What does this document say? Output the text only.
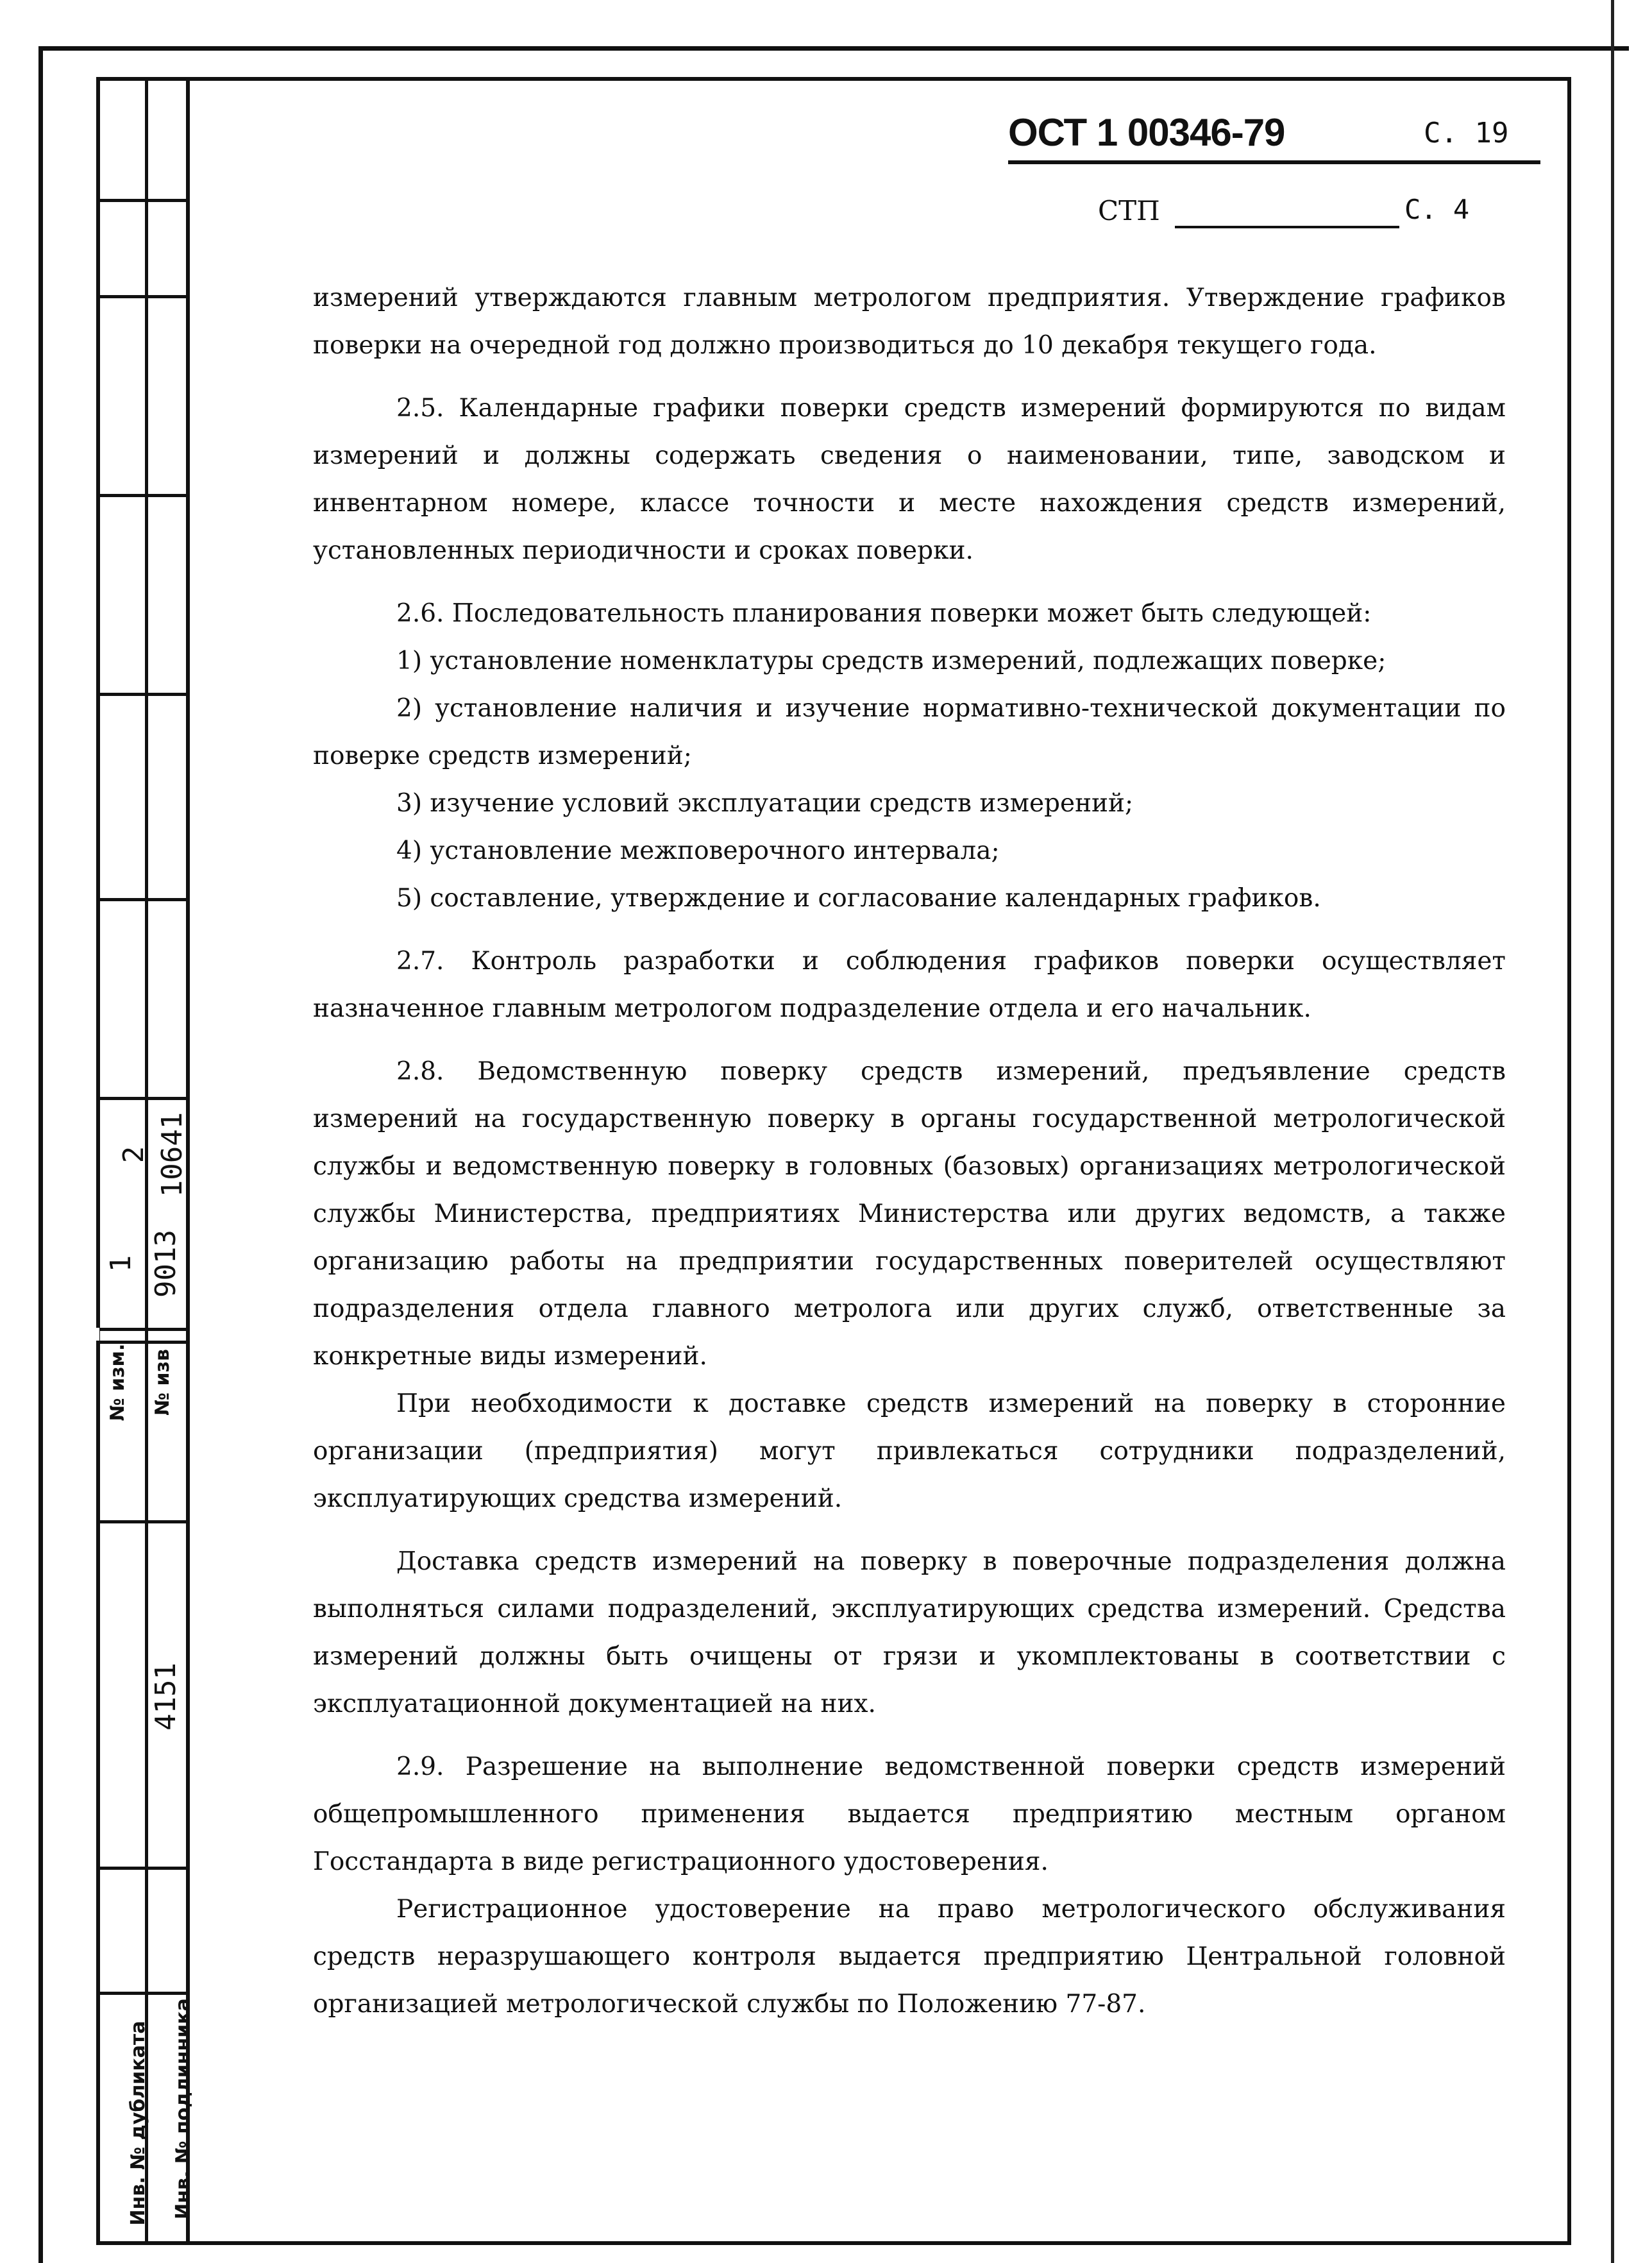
№ изм. № изв
1 9013
2 10641
4151
Инв. № дубликата Инв. № подлинника
ОСТ 1 00346-79	С. 19
СТП	С. 4

измерений утверждаются главным метрологом предприятия. Утверждение графиков поверки на очередной год должно производиться до 10 декабря текущего года.

2.5. Календарные графики поверки средств измерений формируются по видам измерений и должны содержать сведения о наименовании, типе, заводском и инвентарном номере, классе точности и месте нахождения средств измерений, установленных периодичности и сроках поверки.

2.6. Последовательность планирования поверки может быть следующей:

1) установление номенклатуры средств измерений, подлежащих поверке;

2) установление наличия и изучение нормативно-технической документации по поверке средств измерений;

3) изучение условий эксплуатации средств измерений;

4) установление межповерочного интервала;

5) составление, утверждение и согласование календарных графиков.

2.7. Контроль разработки и соблюдения графиков поверки осуществляет назначенное главным метрологом подразделение отдела и его начальник.

2.8. Ведомственную поверку средств измерений, предъявление средств измерений на государственную поверку в органы государственной метрологической службы и ведомственную поверку в головных (базовых) организациях метрологической службы Министерства, предприятиях Министерства или других ведомств, а также организацию работы на предприятии государственных поверителей осуществляют подразделения отдела главного метролога или других служб, ответственные за конкретные виды измерений.

При необходимости к доставке средств измерений на поверку в сторонние организации (предприятия) могут привлекаться сотрудники подразделений, эксплуатирующих средства измерений.

Доставка средств измерений на поверку в поверочные подразделения должна выполняться силами подразделений, эксплуатирующих средства измерений. Средства измерений должны быть очищены от грязи и укомплектованы в соответствии с эксплуатационной документацией на них.

2.9. Разрешение на выполнение ведомственной поверки средств измерений общепромышленного применения выдается предприятию местным органом Госстандарта в виде регистрационного удостоверения.

Регистрационное удостоверение на право метрологического обслуживания средств неразрушающего контроля выдается предприятию Центральной головной организацией метрологической службы по Положению 77-87.
